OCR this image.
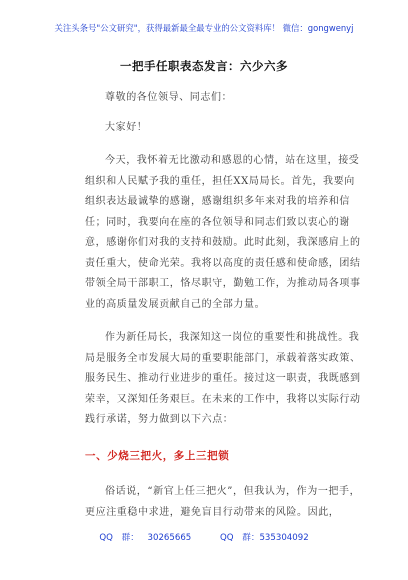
关注头条号"公文研究"，获得最新最全最专业的公文资料库！ 微信：gongwenyj
一把手任职表态发言：六少六多
尊敬的各位领导、同志们：
大家好！
今天，我怀着无比激动和感恩的心情，站在这里，接受组织和人民赋予我的重任，担任XX局局长。首先，我要向组织表达最诚挚的感谢，感谢组织多年来对我的培养和信任；同时，我要向在座的各位领导和同志们致以衷心的谢意，感谢你们对我的支持和鼓励。此时此刻，我深感肩上的责任重大，使命光荣。我将以高度的责任感和使命感，团结带领全局干部职工，恪尽职守，勤勉工作，为推动局各项事业的高质量发展贡献自己的全部力量。
作为新任局长，我深知这一岗位的重要性和挑战性。我局是服务全市发展大局的重要职能部门，承载着落实政策、服务民生、推动行业进步的重任。接过这一职责，我既感到荣幸，又深知任务艰巨。在未来的工作中，我将以实际行动践行承诺，努力做到以下六点：
一、少烧三把火，多上三把锁
俗话说，“新官上任三把火”，但我认为，作为一把手，更应注重稳中求进，避免盲目行动带来的风险。因此，
QQ 群： 30265665	QQ 群：535304092
